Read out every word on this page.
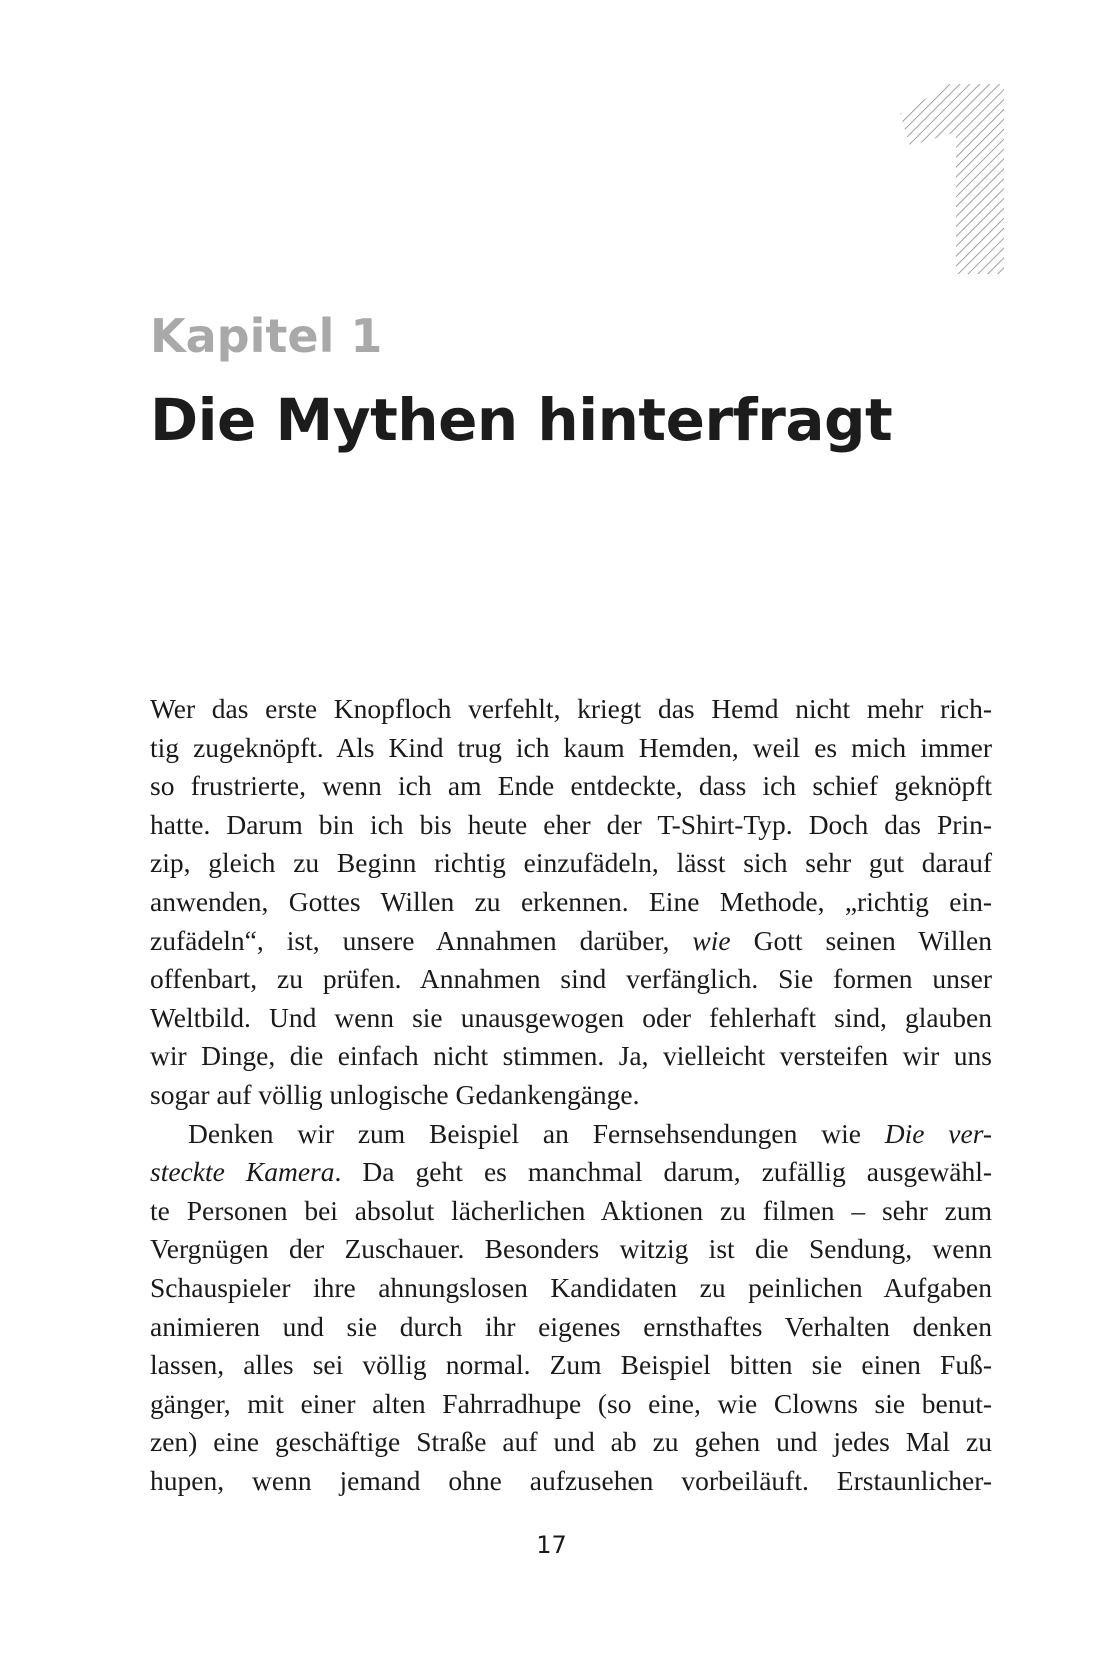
Kapitel 1
Die Mythen hinterfragt

Wer das erste Knopfloch verfehlt, kriegt das Hemd nicht mehr rich-
tig zugeknöpft. Als Kind trug ich kaum Hemden, weil es mich immer
so frustrierte, wenn ich am Ende entdeckte, dass ich schief geknöpft
hatte. Darum bin ich bis heute eher der T-Shirt-Typ. Doch das Prin-
zip, gleich zu Beginn richtig einzufädeln, lässt sich sehr gut darauf
anwenden, Gottes Willen zu erkennen. Eine Methode, „richtig ein-
zufädeln“, ist, unsere Annahmen darüber, wie Gott seinen Willen
offenbart, zu prüfen. Annahmen sind verfänglich. Sie formen unser
Weltbild. Und wenn sie unausgewogen oder fehlerhaft sind, glauben
wir Dinge, die einfach nicht stimmen. Ja, vielleicht versteifen wir uns
sogar auf völlig unlogische Gedankengänge.

Denken wir zum Beispiel an Fernsehsendungen wie Die ver-
steckte Kamera. Da geht es manchmal darum, zufällig ausgewähl-
te Personen bei absolut lächerlichen Aktionen zu filmen – sehr zum
Vergnügen der Zuschauer. Besonders witzig ist die Sendung, wenn
Schauspieler ihre ahnungslosen Kandidaten zu peinlichen Aufgaben
animieren und sie durch ihr eigenes ernsthaftes Verhalten denken
lassen, alles sei völlig normal. Zum Beispiel bitten sie einen Fuß-
gänger, mit einer alten Fahrradhupe (so eine, wie Clowns sie benut-
zen) eine geschäftige Straße auf und ab zu gehen und jedes Mal zu
hupen, wenn jemand ohne aufzusehen vorbeiläuft. Erstaunlicher-

17
